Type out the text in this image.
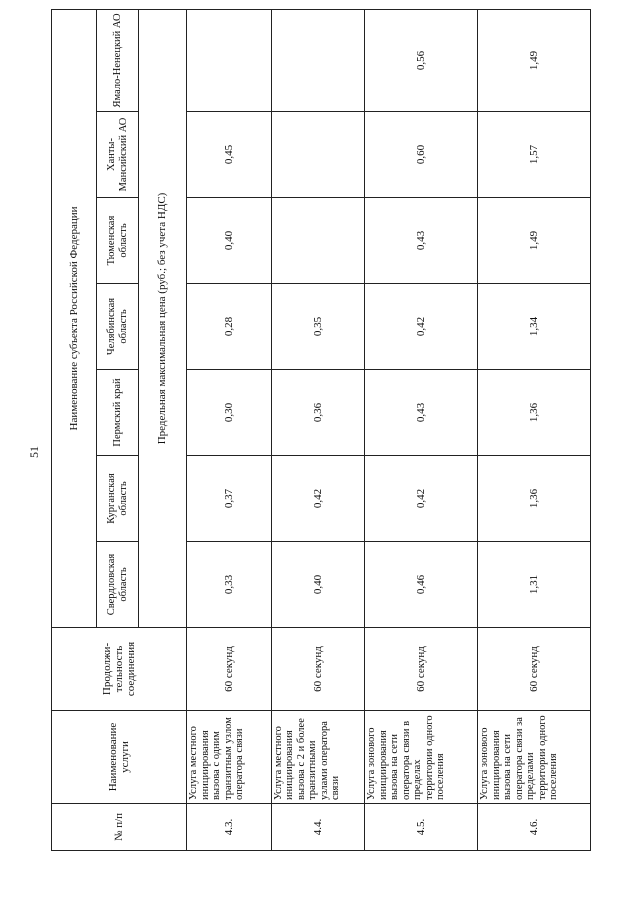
51
№ п/п	Наименование услуги	Продолжи-тельность соединения	Наименование субъекта Российской Федерации						
			Свердловская область	Курганская область	Пермский край	Челябинская область	Тюменская область	Ханты-Мансийский АО	Ямало-Ненецкий АО
			Предельная максимальная цена (руб.; без учета НДС)						
4.3.	Услуга местного инициирования вызова с одним транзитным узлом оператора связи	60 секунд	0,33	0,37	0,30	0,28	0,40	0,45	
4.4.	Услуга местного инициирования вызова с 2 и более транзитными узлами оператора связи	60 секунд	0,40	0,42	0,36	0,35			
4.5.	Услуга зонового инициирования вызова на сети оператора связи в пределах территории одного поселения	60 секунд	0,46	0,42	0,43	0,42	0,43	0,60	0,56
4.6.	Услуга зонового инициирования вызова на сети оператора связи за пределами территории одного поселения	60 секунд	1,31	1,36	1,36	1,34	1,49	1,57	1,49
